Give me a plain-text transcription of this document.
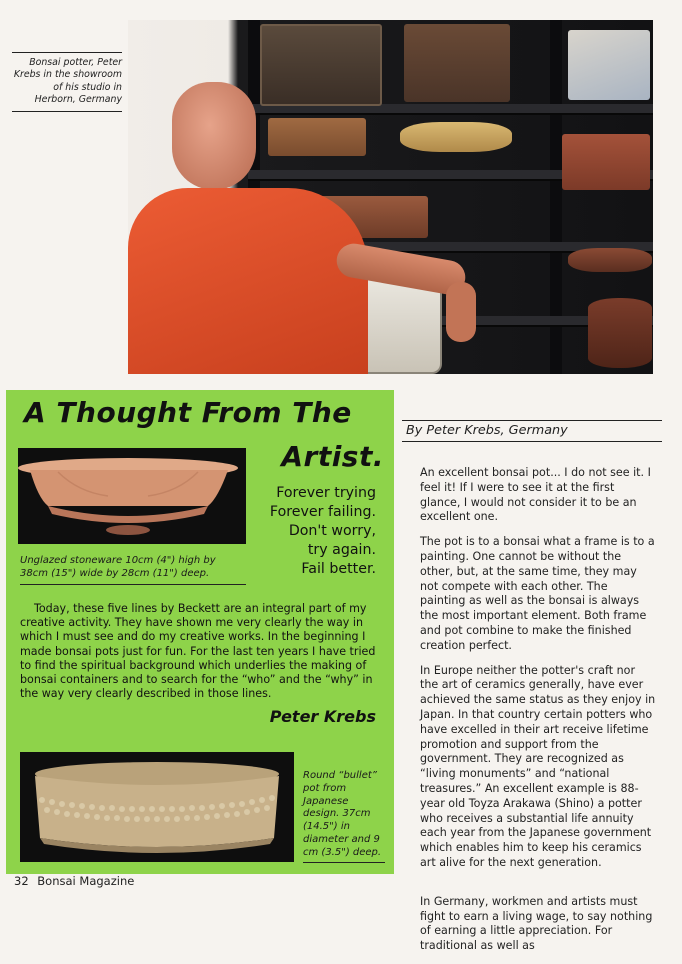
Bonsai potter, Peter Krebs in the showroom of his studio in Herborn, Germany
A Thought From The
Artist.
Unglazed stoneware 10cm (4") high by 38cm (15") wide by 28cm (11") deep.
Forever trying
Forever failing.
Don't worry,
try again.
Fail better.
Today, these five lines by Beckett are an integral part of my creative activity. They have shown me very clearly the way in which I must see and do my creative works. In the beginning I made bonsai pots just for fun. For the last ten years I have tried to find the spiritual background which underlies the making of bonsai containers and to search for the “who” and the “why” in the way very clearly described in those lines.
Peter Krebs
Round “bullet” pot from Japanese design. 37cm (14.5") in diameter and 9 cm (3.5") deep.
By Peter Krebs, Germany

An excellent bonsai pot... I do not see it. I feel it! If I were to see it at the first glance, I would not consider it to be an excellent one.

The pot is to a bonsai what a frame is to a painting. One cannot be without the other, but, at the same time, they may not compete with each other. The painting as well as the bonsai is always the most important element. Both frame and pot combine to make the finished creation perfect.

In Europe neither the potter's craft nor the art of ceramics generally, have ever achieved the same status as they enjoy in Japan. In that country certain potters who have excelled in their art receive lifetime promotion and support from the government. They are recognized as “living monuments” and “national treasures.” An excellent example is 88-year old Toyza Arakawa (Shino) a potter who receives a substantial life annuity each year from the Japanese government which enables him to keep his ceramics art alive for the next generation.

In Germany, workmen and artists must fight to earn a living wage, to say nothing of earning a little appreciation. For traditional as well as

32 Bonsai Magazine
